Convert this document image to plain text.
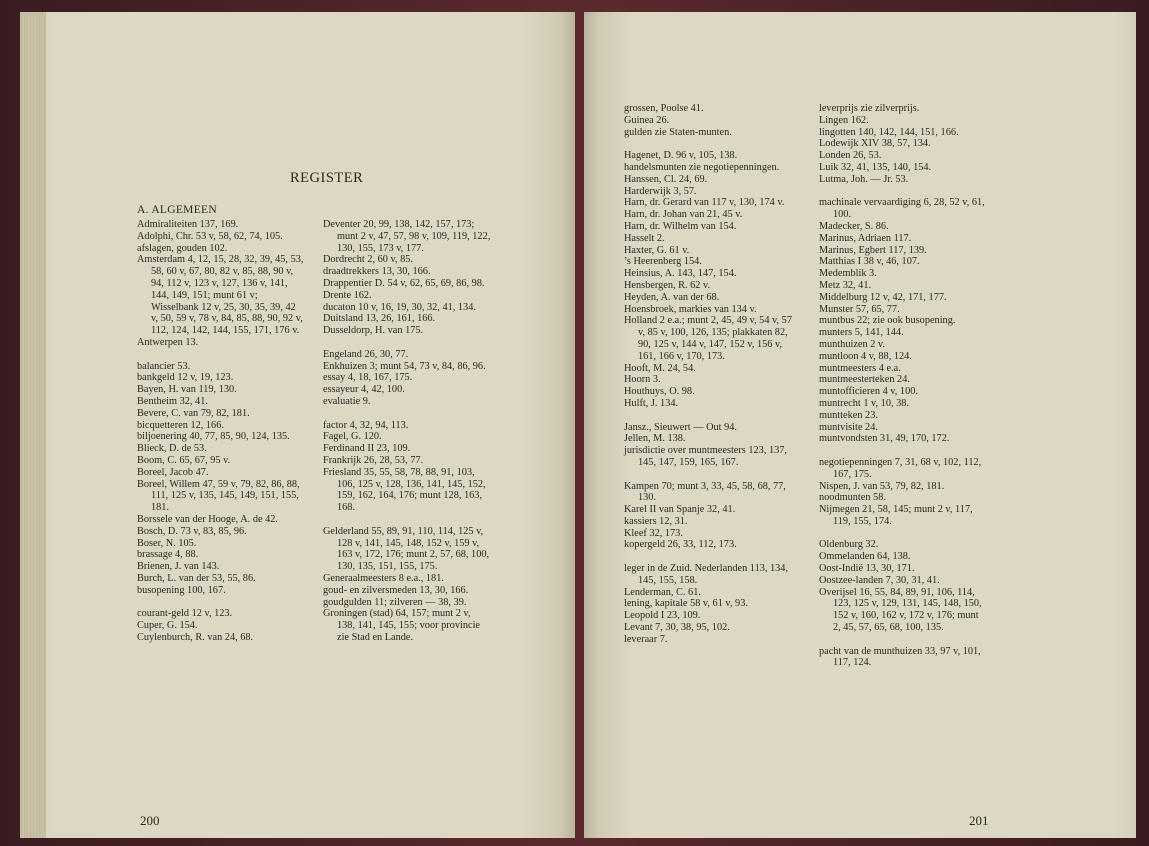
REGISTER
A. ALGEMEEN
Admiraliteiten 137, 169.
Adolphi, Chr. 53 v, 58, 62, 74, 105.
afslagen, gouden 102.
Amsterdam 4, 12, 15, 28, 32, 39, 45, 53, 58, 60 v, 67, 80, 82 v, 85, 88, 90 v, 94, 112 v, 123 v, 127, 136 v, 141, 144, 149, 151; munt 61 v; Wisselbank 12 v, 25, 30, 35, 39, 42 v, 50, 59 v, 78 v, 84, 85, 88, 90, 92 v, 112, 124, 142, 144, 155, 171, 176 v.
Antwerpen 13.
balancier 53.
bankgeld 12 v, 19, 123.
Bayen, H. van 119, 130.
Bentheim 32, 41.
Bevere, C. van 79, 82, 181.
bicquetteren 12, 166.
biljoenering 40, 77, 85, 90, 124, 135.
Blieck, D. de 53.
Boom, C. 65, 67, 95 v.
Boreel, Jacob 47.
Boreel, Willem 47, 59 v, 79, 82, 86, 88, 111, 125 v, 135, 145, 149, 151, 155, 181.
Borssele van der Hooge, A. de 42.
Bosch, D. 73 v, 83, 85, 96.
Boser, N. 105.
brassage 4, 88.
Brienen, J. van 143.
Burch, L. van der 53, 55, 86.
busopening 100, 167.
courant-geld 12 v, 123.
Cuper, G. 154.
Cuylenburch, R. van 24, 68.
Deventer 20, 99, 138, 142, 157, 173; munt 2 v, 47, 57, 98 v, 109, 119, 122, 130, 155, 173 v, 177.
Dordrecht 2, 60 v, 85.
draadtrekkers 13, 30, 166.
Drappentier D. 54 v, 62, 65, 69, 86, 98.
Drente 162.
ducaton 10 v, 16, 19, 30, 32, 41, 134.
Duitsland 13, 26, 161, 166.
Dusseldorp, H. van 175.
Engeland 26, 30, 77.
Enkhuizen 3; munt 54, 73 v, 84, 86, 96.
essay 4, 18, 167, 175.
essayeur 4, 42, 100.
evaluatie 9.
factor 4, 32, 94, 113.
Fagel, G. 120.
Ferdinand II 23, 109.
Frankrijk 26, 28, 53, 77.
Friesland 35, 55, 58, 78, 88, 91, 103, 106, 125 v, 128, 136, 141, 145, 152, 159, 162, 164, 176; munt 128, 163, 168.
Gelderland 55, 89, 91, 110, 114, 125 v, 128 v, 141, 145, 148, 152 v, 159 v, 163 v, 172, 176; munt 2, 57, 68, 100, 130, 135, 151, 155, 175.
Generaalmeesters 8 e.a., 181.
goud- en zilversmeden 13, 30, 166.
goudgulden 11; zilveren — 38, 39.
Groningen (stad) 64, 157; munt 2 v, 138, 141, 145, 155; voor provincie zie Stad en Lande.
grossen, Poolse 41.
Guinea 26.
gulden zie Staten-munten.
Hagenet, D. 96 v, 105, 138.
handelsmunten zie negotiepenningen.
Hanssen, Cl. 24, 69.
Harderwijk 3, 57.
Harn, dr. Gerard van 117 v, 130, 174 v.
Harn, dr. Johan van 21, 45 v.
Harn, dr. Wilhelm van 154.
Hasselt 2.
Haxter, G. 61 v.
’s Heerenberg 154.
Heinsius, A. 143, 147, 154.
Hensbergen, R. 62 v.
Heyden, A. van der 68.
Hoensbroek, markies van 134 v.
Holland 2 e.a.; munt 2, 45, 49 v, 54 v, 57 v, 85 v, 100, 126, 135; plakkaten 82, 90, 125 v, 144 v, 147, 152 v, 156 v, 161, 166 v, 170, 173.
Hooft, M. 24, 54.
Hoorn 3.
Houthuys, O. 98.
Hulft, J. 134.
Jansz., Sieuwert — Out 94.
Jellen, M. 138.
jurisdictie over muntmeesters 123, 137, 145, 147, 159, 165, 167.
Kampen 70; munt 3, 33, 45, 58, 68, 77, 130.
Karel II van Spanje 32, 41.
kassiers 12, 31.
Kleef 32, 173.
kopergeld 26, 33, 112, 173.
leger in de Zuid. Nederlanden 113, 134, 145, 155, 158.
Lenderman, C. 61.
lening, kapitale 58 v, 61 v, 93.
Leopold I 23, 109.
Levant 7, 30, 38, 95, 102.
leveraar 7.
leverprijs zie zilverprijs.
Lingen 162.
lingotten 140, 142, 144, 151, 166.
Lodewijk XIV 38, 57, 134.
Londen 26, 53.
Luik 32, 41, 135, 140, 154.
Lutma, Joh. — Jr. 53.
machinale vervaardiging 6, 28, 52 v, 61, 100.
Madecker, S. 86.
Marinus, Adriaen 117.
Marinus, Egbert 117, 139.
Matthias I 38 v, 46, 107.
Medemblik 3.
Metz 32, 41.
Middelburg 12 v, 42, 171, 177.
Munster 57, 65, 77.
muntbus 22; zie ook busopening.
munters 5, 141, 144.
munthuizen 2 v.
muntloon 4 v, 88, 124.
muntmeesters 4 e.a.
muntmeesterteken 24.
muntofficieren 4 v, 100.
muntrecht 1 v, 10, 38.
muntteken 23.
muntvisite 24.
muntvondsten 31, 49, 170, 172.
negotiepenningen 7, 31, 68 v, 102, 112, 167, 175.
Nispen, J. van 53, 79, 82, 181.
noodmunten 58.
Nijmegen 21, 58, 145; munt 2 v, 117, 119, 155, 174.
Oldenburg 32.
Ommelanden 64, 138.
Oost-Indië 13, 30, 171.
Oostzee-landen 7, 30, 31, 41.
Overijsel 16, 55, 84, 89, 91, 106, 114, 123, 125 v, 129, 131, 145, 148, 150, 152 v, 160, 162 v, 172 v, 176; munt 2, 45, 57, 65, 68, 100, 135.
pacht van de munthuizen 33, 97 v, 101, 117, 124.
200	201
